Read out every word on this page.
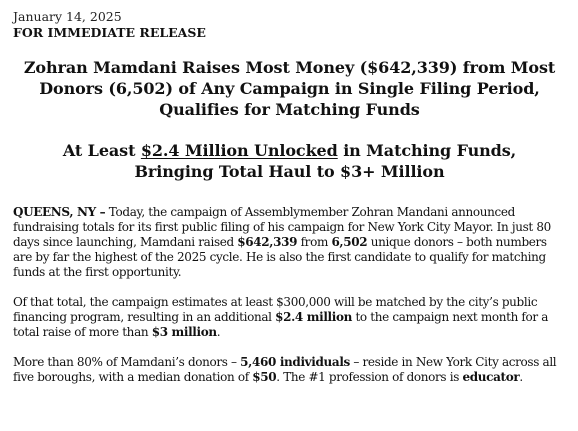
January 14, 2025
FOR IMMEDIATE RELEASE
Zohran Mamdani Raises Most Money ($642,339) from Most
Donors (6,502) of Any Campaign in Single Filing Period,
Qualifies for Matching Funds
At Least $2.4 Million Unlocked in Matching Funds,
Bringing Total Haul to $3+ Million

QUEENS, NY – Today, the campaign of Assemblymember Zohran Mandani announced fundraising totals for its first public filing of his campaign for New York City Mayor. In just 80 days since launching, Mamdani raised $642,339 from 6,502 unique donors – both numbers are by far the highest of the 2025 cycle. He is also the first candidate to qualify for matching funds at the first opportunity.

Of that total, the campaign estimates at least $300,000 will be matched by the city’s public financing program, resulting in an additional $2.4 million to the campaign next month for a total raise of more than $3 million.

More than 80% of Mamdani’s donors – 5,460 individuals – reside in New York City across all five boroughs, with a median donation of $50. The #1 profession of donors is educator.
